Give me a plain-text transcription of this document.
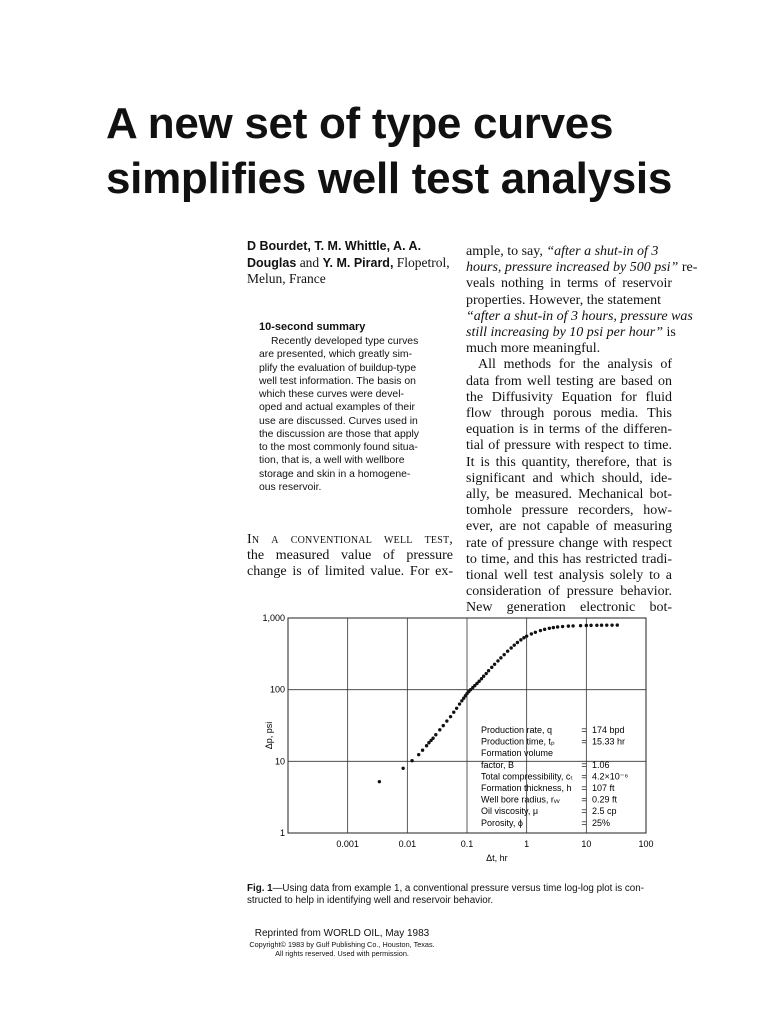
A new set of type curves
simplifies well test analysis
D Bourdet, T. M. Whittle, A. A. Douglas and Y. M. Pirard, Flopetrol, Melun, France
10-second summary
Recently developed type curves
are presented, which greatly sim-
plify the evaluation of buildup-type
well test information. The basis on
which these curves were devel-
oped and actual examples of their
use are discussed. Curves used in
the discussion are those that apply
to the most commonly found situa-
tion, that is, a well with wellbore
storage and skin in a homogene-
ous reservoir.
In a conventional well test,
the measured value of pressure
change is of limited value. For ex-
ample, to say, “after a shut-in of 3
hours, pressure increased by 500 psi” re-
veals nothing in terms of reservoir
properties. However, the statement
“after a shut-in of 3 hours, pressure was
still increasing by 10 psi per hour” is
much more meaningful.
All methods for the analysis of
data from well testing are based on
the Diffusivity Equation for fluid
flow through porous media. This
equation is in terms of the differen-
tial of pressure with respect to time.
It is this quantity, therefore, that is
significant and which should, ide-
ally, be measured. Mechanical bot-
tomhole pressure recorders, how-
ever, are not capable of measuring
rate of pressure change with respect
to time, and this has restricted tradi-
tional well test analysis solely to a
consideration of pressure behavior.
New generation electronic bot-
0.001	0.01	0.1	1	10	100
1
10
100
1,000
Δt, hr
Δp, psi	Production rate, q	= 174 bpd
Production time, tₚ	= 15.33 hr
Formation volume
factor, B	= 1.06
Total compressibility, cₜ = 4.2×10⁻⁶
Formation thickness, h = 107 ft
Well bore radius, rᵥᵥ = 0.29 ft
Oil viscosity, μ	= 2.5 cp
Porosity, ϕ	= 25%
Fig. 1—Using data from example 1, a conventional pressure versus time log-log plot is con-structed to help in identifying well and reservoir behavior.
Reprinted from WORLD OIL, May 1983
Copyright© 1983 by Gulf Publishing Co., Houston, Texas.
All rights reserved. Used with permission.
